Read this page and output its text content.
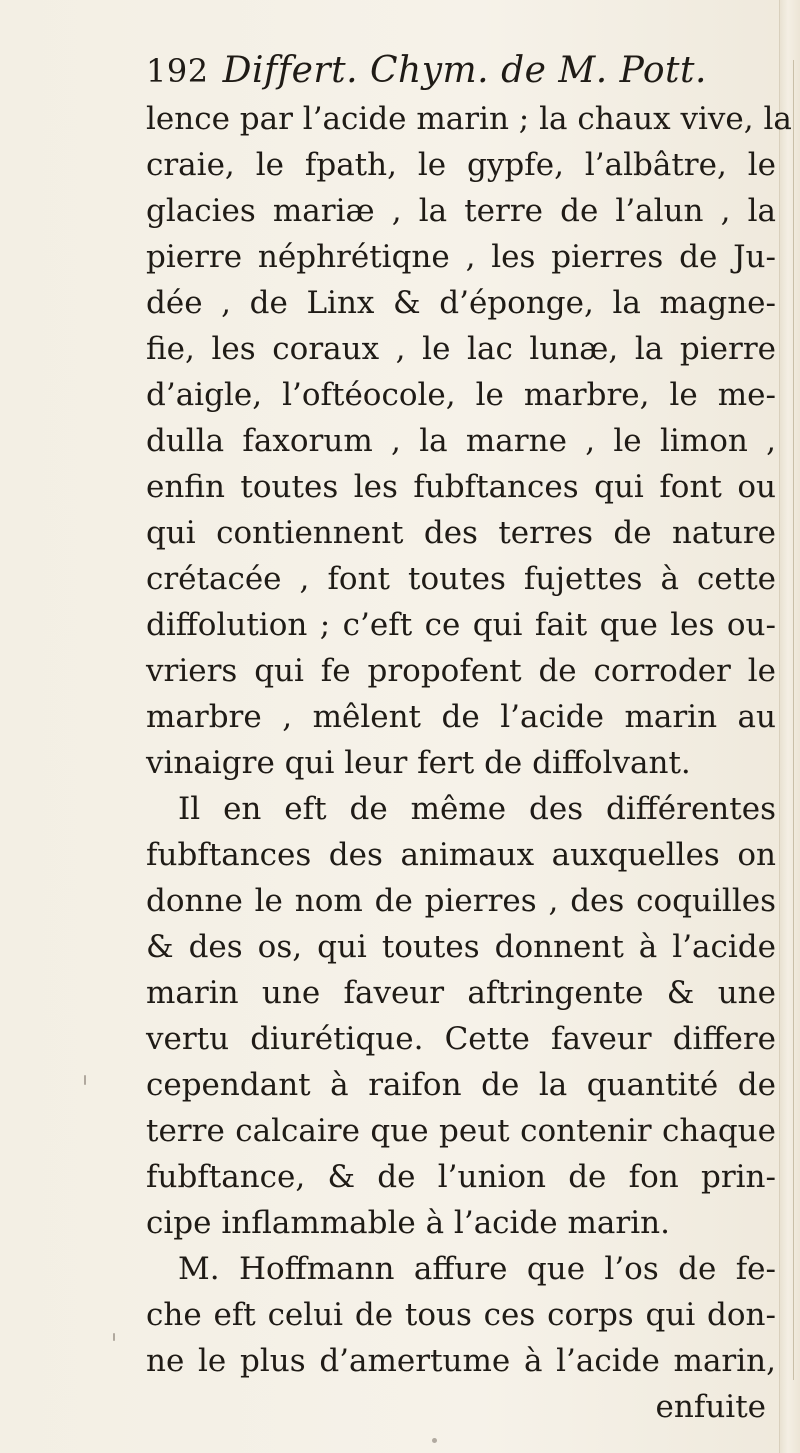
192 Differt. Chym. de M. Pott.
lence par l’acide marin ; la chaux vive, la
craie, le fpath, le gypfe, l’albâtre, le
glacies mariæ , la terre de l’alun , la
pierre néphrétiqne , les pierres de Ju-
dée , de Linx & d’éponge, la magne-
fie, les coraux , le lac lunæ, la pierre
d’aigle, l’oftéocole, le marbre, le me-
dulla faxorum , la marne , le limon ,
enfin toutes les fubftances qui font ou
qui contiennent des terres de nature
crétacée , font toutes fujettes à cette
diffolution ; c’eft ce qui fait que les ou-
vriers qui fe propofent de corroder le
marbre , mêlent de l’acide marin au
vinaigre qui leur fert de diffolvant.
Il en eft de même des différentes
fubftances des animaux auxquelles on
donne le nom de pierres , des coquilles
& des os, qui toutes donnent à l’acide
marin une faveur aftringente & une
vertu diurétique. Cette faveur differe
cependant à raifon de la quantité de
terre calcaire que peut contenir chaque
fubftance, & de l’union de fon prin-
cipe inflammable à l’acide marin.
M. Hoffmann affure que l’os de fe-
che eft celui de tous ces corps qui don-
ne le plus d’amertume à l’acide marin,
enfuite
